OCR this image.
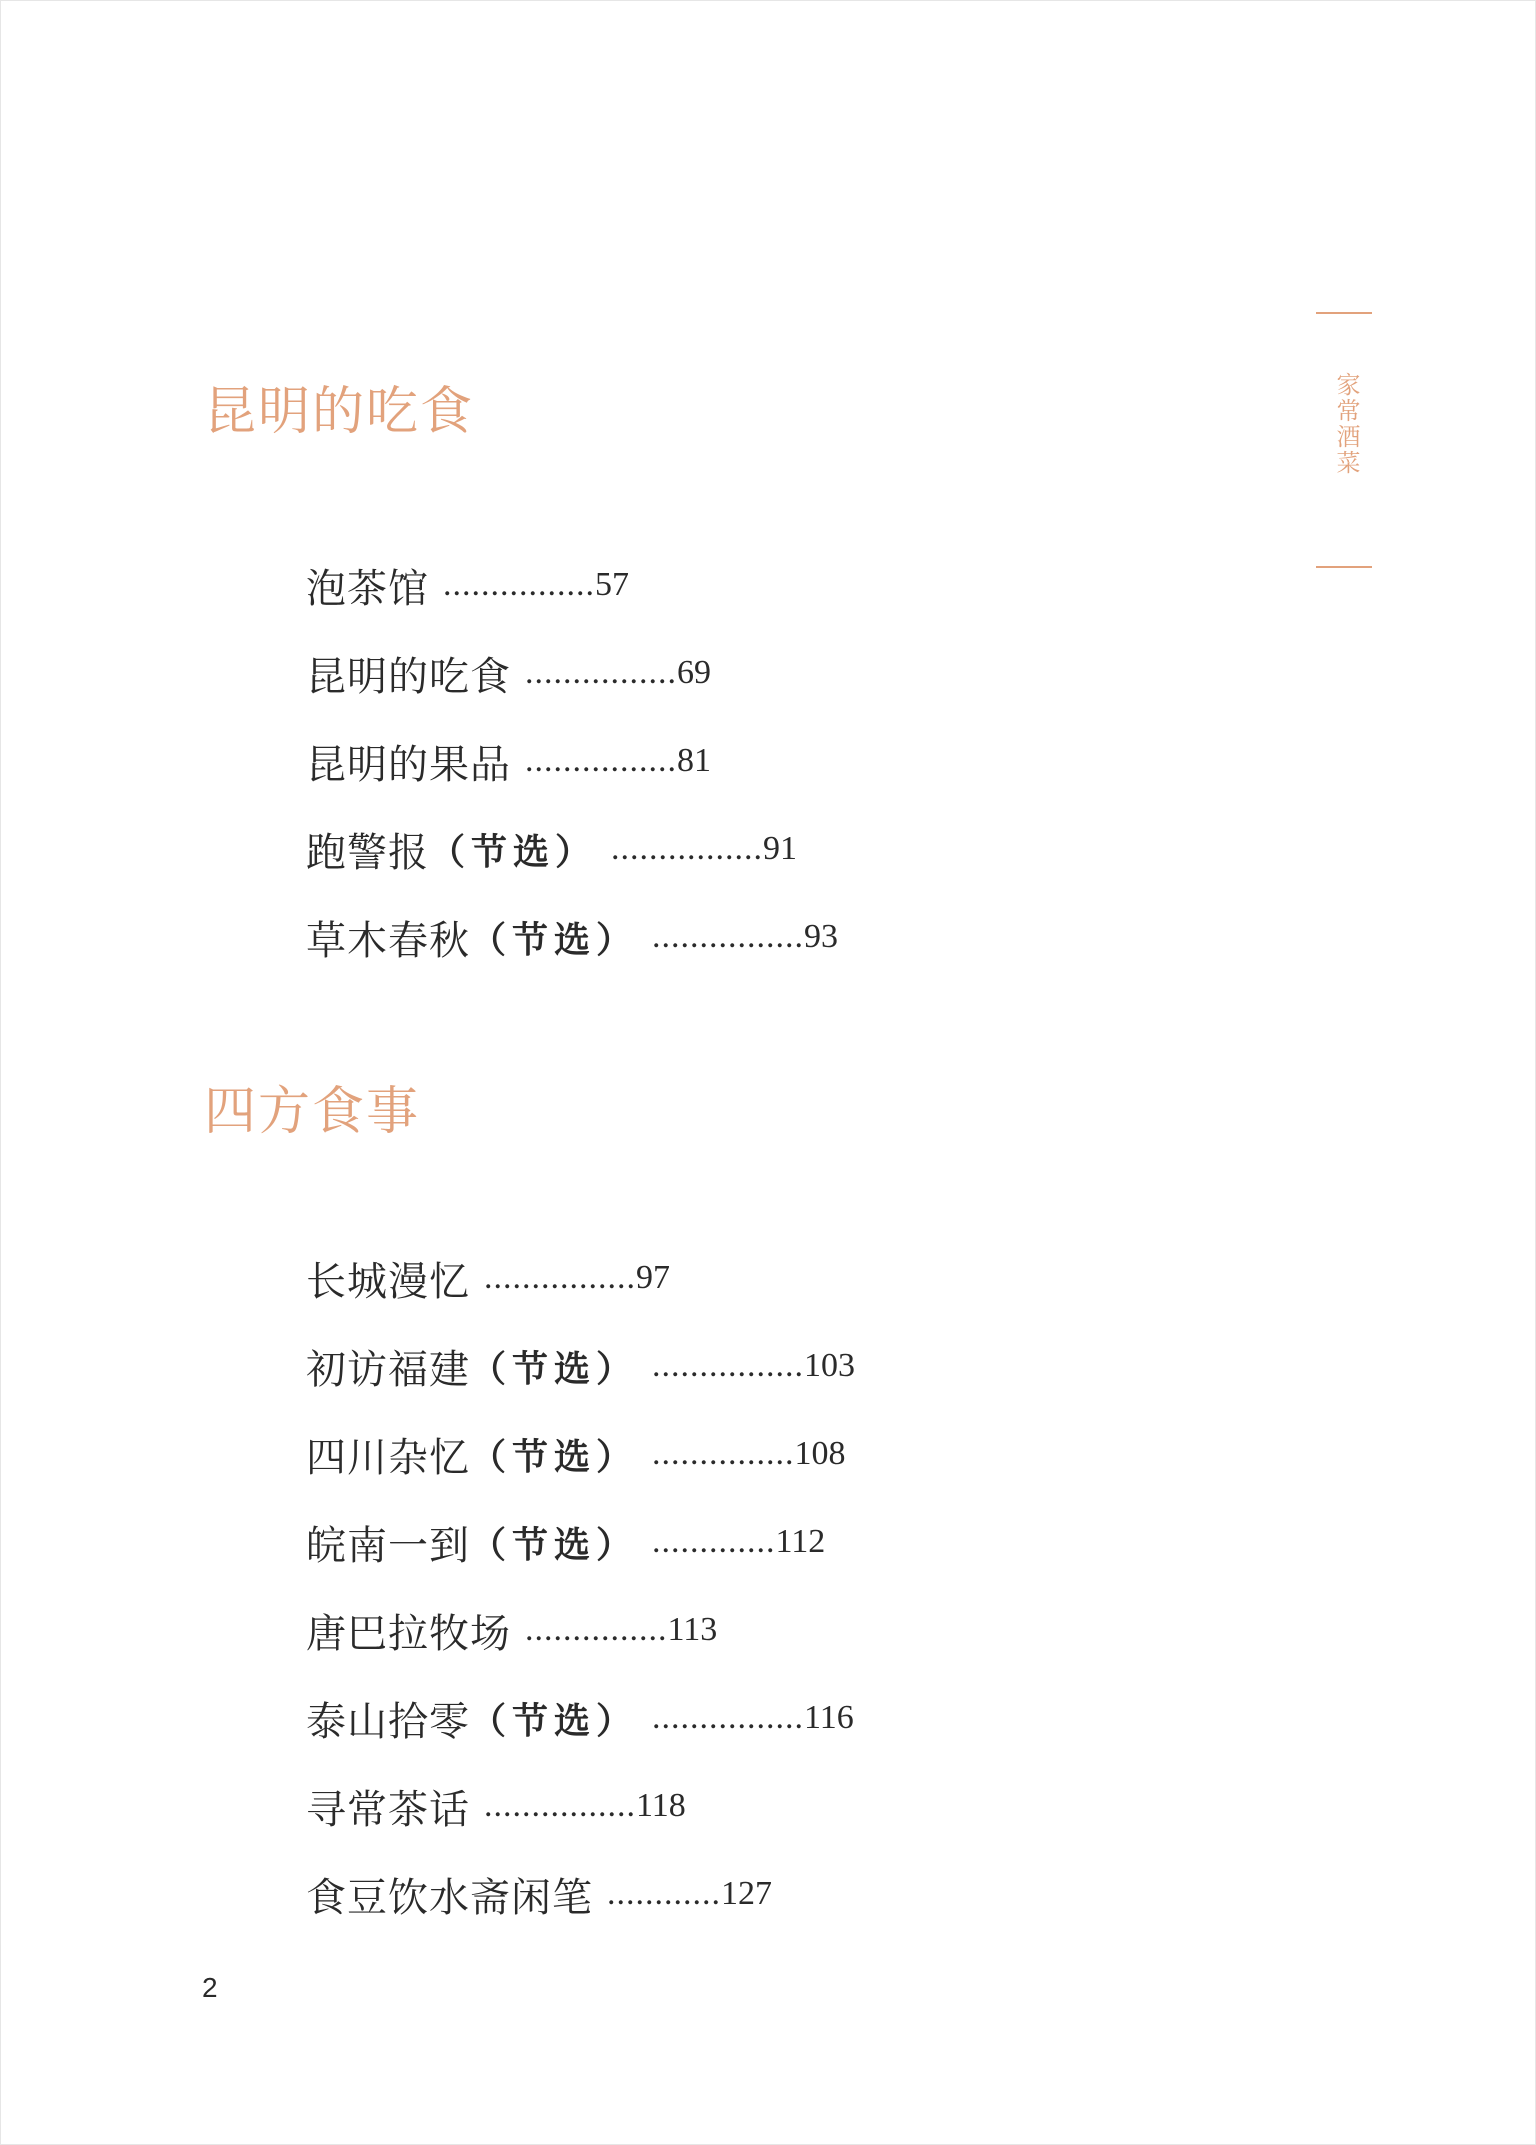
昆明的吃食
泡茶馆 ................ 57
昆明的吃食 ................ 69
昆明的果品 ................ 81
跑警报 （节选） ................ 91
草木春秋 （节选） ................ 93
四方食事
长城漫忆 ................ 97
初访福建 （节选） ................ 103
四川杂忆 （节选） ............... 108
皖南一到 （节选） ............. 112
唐巴拉牧场 ............... 113
泰山拾零 （节选） ................ 116
寻常茶话 ................ 118
食豆饮水斋闲笔 ............ 127
家常酒菜
2
